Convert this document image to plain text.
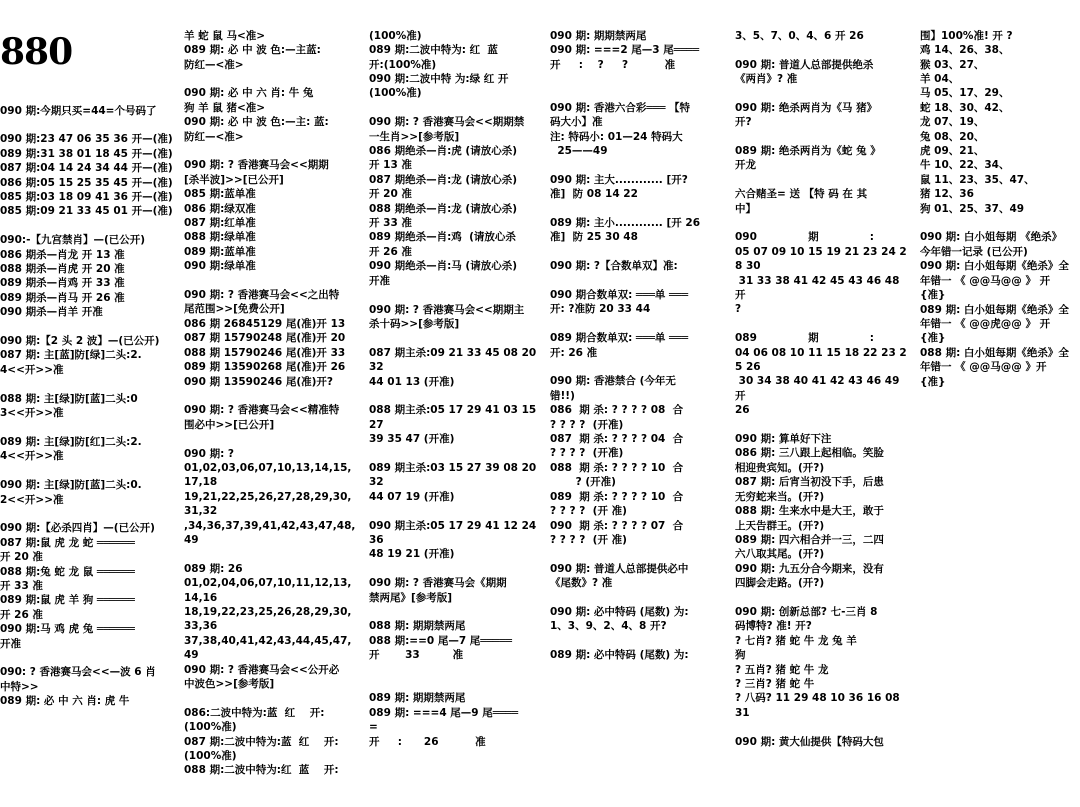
880

090 期:今期只买=44=个号码了
090 期:23 47 06 35 36 开—(准)
089 期:31 38 01 18 45 开—(准)
087 期:04 14 24 34 44 开—(准)
086 期:05 15 25 35 45 开—(准)
085 期:03 18 09 41 36 开—(准)
085 期:09 21 33 45 01 开—(准)
090:-【九宫禁肖】—(已公开)
086 期杀—肖龙 开 13 准
088 期杀—肖虎 开 20 准
089 期杀—肖鸡 开 33 准
089 期杀—肖马 开 26 准
090 期杀—肖羊 开准
090 期:【2 头 2 波】—(已公开)
087 期: 主[蓝]防[绿]二头:2.
4<<开>>准
088 期: 主[绿]防[蓝]二头:0
3<<开>>准
089 期: 主[绿]防[红]二头:2.
4<<开>>准
090 期: 主[绿]防[蓝]二头:0.
2<<开>>准
090 期:【必杀四肖】—(已公开)
087 期:鼠 虎 龙 蛇 ══════
开 20 准
088 期:兔 蛇 龙 鼠 ══════
开 33 准
089 期:鼠 虎 羊 狗 ══════
开 26 准
090 期:马 鸡 虎 兔 ══════
开准
090: ? 香港赛马会<<—波 6 肖
中特>>
089 期: 必 中 六 肖: 虎 牛

羊 蛇 鼠 马<准>
089 期: 必 中 波 色:—主蓝:
防红—<准>
090 期: 必 中 六 肖: 牛 兔
狗 羊 鼠 猪<准>
090 期: 必 中 波 色:—主: 蓝:
防红—<准>
090 期: ? 香港赛马会<<期期
[杀半波]>>[已公开]
085 期:蓝单准
086 期:绿双准
087 期:红单准
088 期:绿单准
089 期:蓝单准
090 期:绿单准
090 期: ? 香港赛马会<<之出特
尾范围>>[免费公开]
086 期 26845129 尾(准)开 13
087 期 15790248 尾(准)开 20
088 期 15790246 尾(准)开 33
089 期 13590268 尾(准)开 26
090 期 13590246 尾(准)开?
090 期: ? 香港赛马会<<精准特
围必中>>[已公开]
090 期: ?
01,02,03,06,07,10,13,14,15,17,18
19,21,22,25,26,27,28,29,30,31,32
,34,36,37,39,41,42,43,47,48,49
089 期: 26
01,02,04,06,07,10,11,12,13,14,16
18,19,22,23,25,26,28,29,30,33,36
37,38,40,41,42,43,44,45,47,49
090 期: ? 香港赛马会<<公开必
中波色>>[参考版]
086:二波中特为:蓝  红    开:
(100%准)
087 期:二波中特为:蓝  红    开:
(100%准)
088 期:二波中特为:红  蓝    开:

(100%准)
089 期:二波中特为: 红  蓝
开:(100%准)
090 期:二波中特 为:绿 红 开
(100%准)
090 期: ? 香港赛马会<<期期禁
一生肖>>[参考版]
086 期绝杀—肖:虎 (请放心杀)
开 13 准
087 期绝杀—肖:龙 (请放心杀)
开 20 准
088 期绝杀—肖:龙 (请放心杀)
开 33 准
089 期绝杀—肖:鸡  (请放心杀
开 26 准
090 期绝杀—肖:马 (请放心杀)
开准
090 期: ? 香港赛马会<<期期主
杀十码>>[参考版]
087 期主杀:09 21 33 45 08 20 32
44 01 13 (开准)
088 期主杀:05 17 29 41 03 15 27
39 35 47 (开准)
089 期主杀:03 15 27 39 08 20 32
44 07 19 (开准)
090 期主杀:05 17 29 41 12 24 36
48 19 21 (开准)
090 期: ? 香港赛马会《期期
禁两尾》[参考版]
088 期: 期期禁两尾
088 期:==0 尾—7 尾═════
开       33         准
089 期: 期期禁两尾
089 期: ===4 尾—9 尾════
=
开     :      26          准

090 期: 期期禁两尾
090 期: ===2 尾—3 尾════
开     :    ?     ?          准
090 期: 香港六合彩═══ 【特
码大小】准
注: 特码小: 01—24 特码大
25——49
090 期: 主大............ [开?
准]  防 08 14 22
089 期: 主小............ [开 26
准]  防 25 30 48
090 期: ?【合数单双】准:
090 期合数单双: ═══单 ═══
开: ?准防 20 33 44
089 期合数单双: ═══单 ═══
开: 26 准
090 期: 香港禁合 (今年无
错!!)
086  期 杀: ? ? ? ? 08  合
? ? ? ?  (开准)
087  期 杀: ? ? ? ? 04  合
? ? ? ?  (开准)
088  期 杀: ? ? ? ? 10  合
? (开准)
089  期 杀: ? ? ? ? 10  合
? ? ? ?  (开 准)
090  期 杀: ? ? ? ? 07  合
? ? ? ?  (开 准)
090 期: 普道人总部提供必中
《尾数》? 准
090 期: 必中特码 (尾数) 为:
1、3、9、2、4、8 开?
089 期: 必中特码 (尾数) 为:

3、5、7、0、4、6 开 26
090 期: 普道人总部提供绝杀
《两肖》? 准
090 期: 绝杀两肖为《马 猪》
开?
089 期: 绝杀两肖为《蛇 兔 》
开龙
六合赌圣= 送 【特 码 在 其
中】
090              期              :
05 07 09 10 15 19 21 23 24 28 30
31 33 38 41 42 45 43 46 48    开
?
089              期              :
04 06 08 10 11 15 18 22 23 25 26
30 34 38 40 41 42 43 46 49    开
26
090 期: 算单好下注
086 期: 三八跟上起相临。笑脸
相迎贵宾知。(开?)
087 期: 后宵当初没下手，后患
无穷蛇来当。(开?)
088 期: 生来水中是大王，敢于
上天告群王。(开?)
089 期: 四六相合并一三，二四
六八取其尾。(开?)
090 期: 九五分合今期来，没有
四脚会走路。(开?)
090 期: 创新总部? 七-三肖 8
码博特? 准! 开?
? 七肖? 猪 蛇 牛 龙 兔 羊
狗
? 五肖? 猪 蛇 牛 龙
? 三肖? 猪 蛇 牛
? 八码? 11 29 48 10 36 16 08
31
090 期: 黄大仙提供【特码大包

围】100%准! 开 ?
鸡 14、26、38、
猴 03、27、
羊 04、
马 05、17、29、
蛇 18、30、42、
龙 07、19、
兔 08、20、
虎 09、21、
牛 10、22、34、
鼠 11、23、35、47、
猪 12、36
狗 01、25、37、49
090 期: 白小姐每期 《绝杀》
今年错一记录 (已公开)
090 期: 白小姐每期《绝杀》全
年错一 《 @@马@@ 》 开
{准}
089 期: 白小姐每期《绝杀》全
年错一 《 @@虎@@ 》 开
{准}
088 期: 白小姐每期《绝杀》全
年错一 《 @@马@@ 》开
{准}
